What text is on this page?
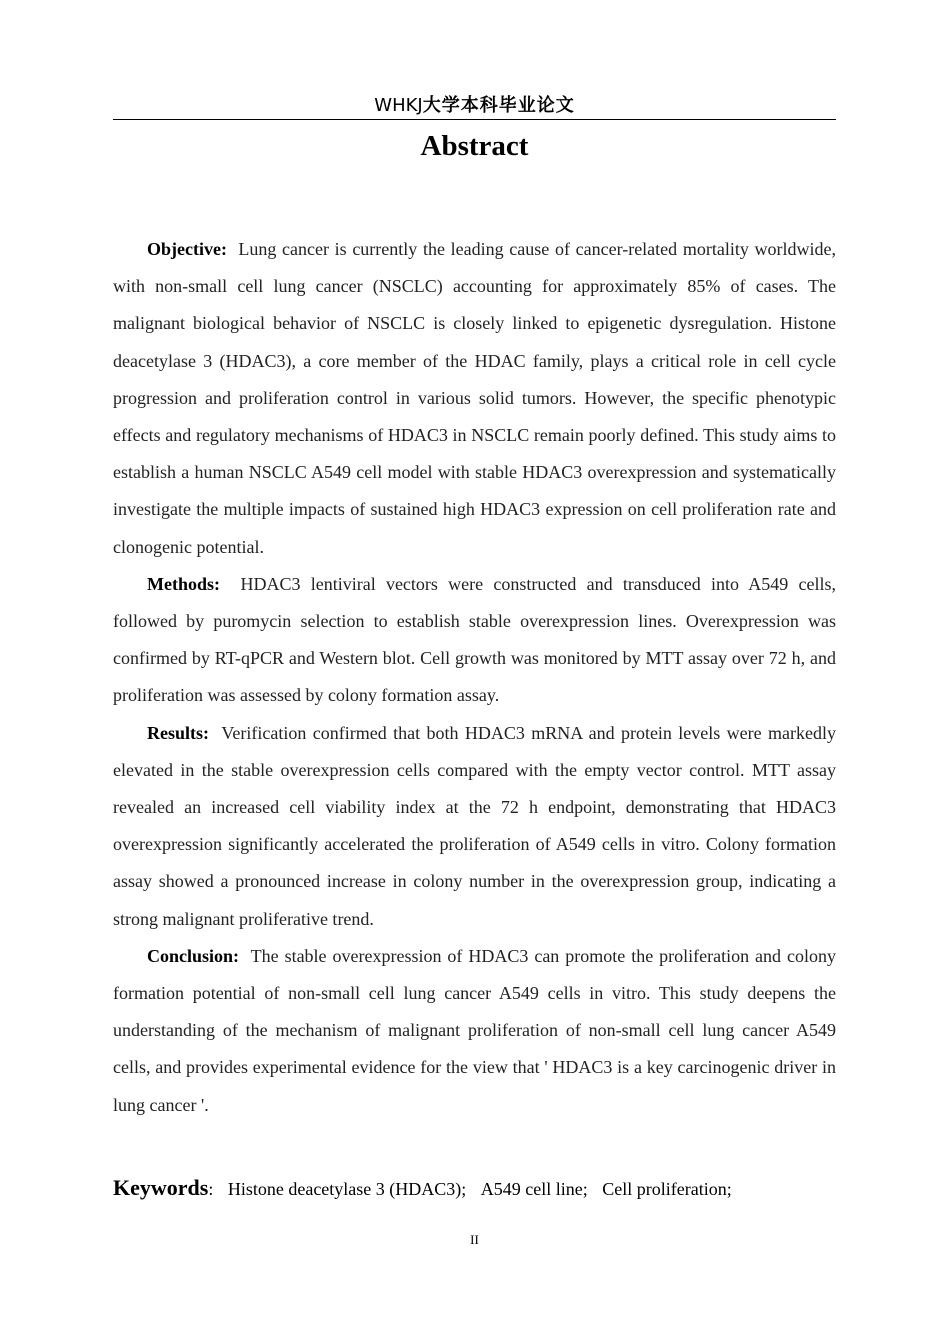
WHKJ大学本科毕业论文
Abstract

Objective: Lung cancer is currently the leading cause of cancer-related mortality worldwide, with non-small cell lung cancer (NSCLC) accounting for approximately 85% of cases. The malignant biological behavior of NSCLC is closely linked to epigenetic dysregulation. Histone deacetylase 3 (HDAC3), a core member of the HDAC family, plays a critical role in cell cycle progression and proliferation control in various solid tumors. However, the specific phenotypic effects and regulatory mechanisms of HDAC3 in NSCLC remain poorly defined. This study aims to establish a human NSCLC A549 cell model with stable HDAC3 overexpression and systematically investigate the multiple impacts of sustained high HDAC3 expression on cell proliferation rate and clonogenic potential.

Methods: HDAC3 lentiviral vectors were constructed and transduced into A549 cells, followed by puromycin selection to establish stable overexpression lines. Overexpression was confirmed by RT-qPCR and Western blot. Cell growth was monitored by MTT assay over 72 h, and proliferation was assessed by colony formation assay.

Results: Verification confirmed that both HDAC3 mRNA and protein levels were markedly elevated in the stable overexpression cells compared with the empty vector control. MTT assay revealed an increased cell viability index at the 72 h endpoint, demonstrating that HDAC3 overexpression significantly accelerated the proliferation of A549 cells in vitro. Colony formation assay showed a pronounced increase in colony number in the overexpression group, indicating a strong malignant proliferative trend.

Conclusion: The stable overexpression of HDAC3 can promote the proliferation and colony formation potential of non-small cell lung cancer A549 cells in vitro. This study deepens the understanding of the mechanism of malignant proliferation of non-small cell lung cancer A549 cells, and provides experimental evidence for the view that ' HDAC3 is a key carcinogenic driver in lung cancer '.

Keywords: Histone deacetylase 3 (HDAC3); A549 cell line; Cell proliferation;
II
